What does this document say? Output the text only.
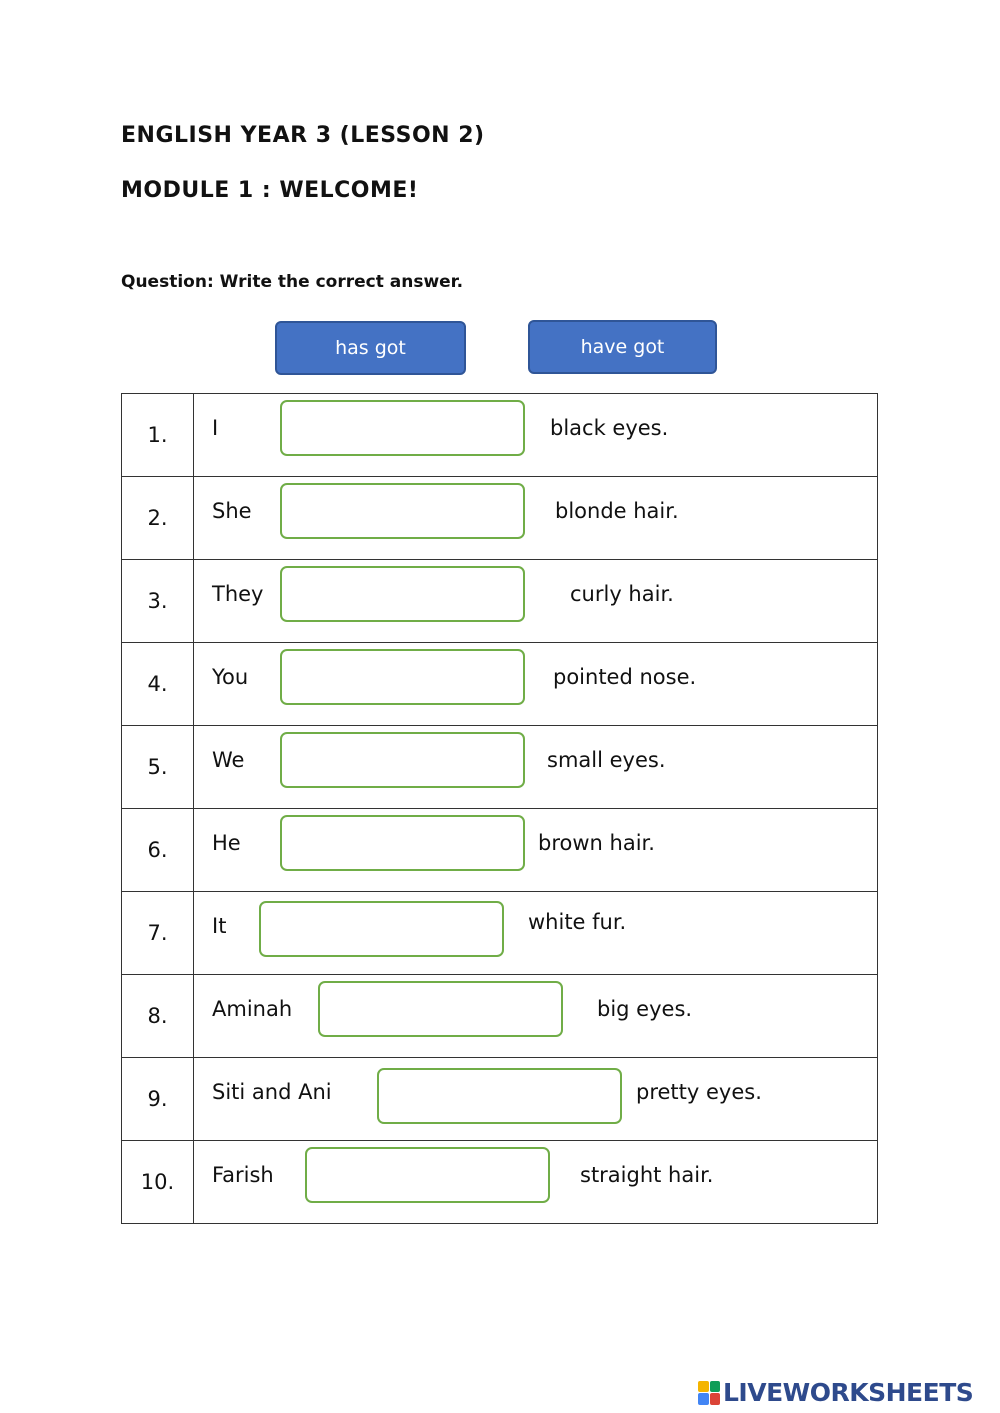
ENGLISH YEAR 3 (LESSON 2)
MODULE 1 : WELCOME!
Question: Write the correct answer.
has got	have got
1.	I black eyes.

2.	She blonde hair.

3.	They curly hair.

4.	You pointed nose.

5.	We small eyes.

6.	He brown hair.

7.	It white fur.

8.	Aminah big eyes.

9.	Siti and Ani pretty eyes.

10.	Farish straight hair.
LIVEWORKSHEETS
